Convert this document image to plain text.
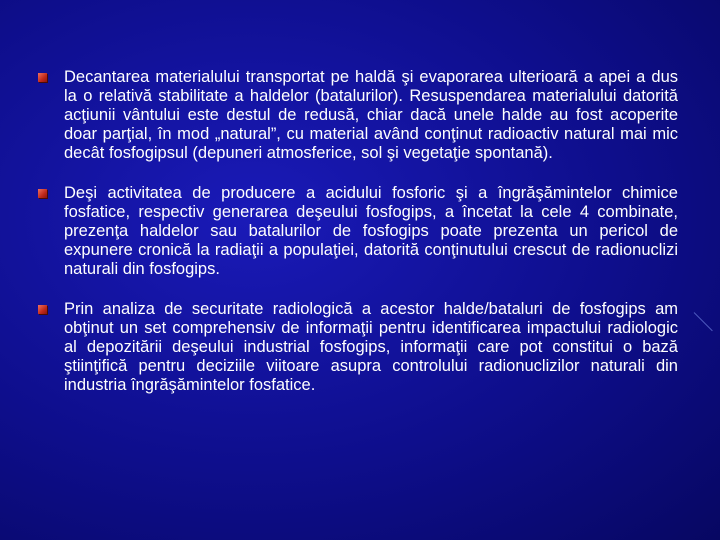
Decantarea materialului transportat pe haldă şi evaporarea ulterioară a apei a dus la o relativă stabilitate a haldelor (batalurilor). Resuspendarea materialului datorită acţiunii vântului este destul de redusă, chiar dacă unele halde au fost acoperite doar parţial, în mod „natural”, cu material având conţinut radioactiv natural mai mic decât fosfogipsul (depuneri atmosferice, sol şi vegetaţie spontană).

Deşi activitatea de producere a acidului fosforic şi a îngrăşămintelor chimice fosfatice, respectiv generarea deşeului fosfogips, a încetat la cele 4 combinate, prezenţa haldelor sau batalurilor de fosfogips poate prezenta un pericol de expunere cronică la radiaţii a populaţiei, datorită conţinutului crescut de radionuclizi naturali din fosfogips.

Prin analiza de securitate radiologică a acestor halde/bataluri de fosfogips am obţinut un set comprehensiv de informaţii pentru identificarea impactului radiologic al depozitării deşeului industrial fosfogips, informaţii care pot constitui o bază ştiinţifică pentru deciziile viitoare asupra controlului radionuclizilor naturali din industria îngrăşămintelor fosfatice.
